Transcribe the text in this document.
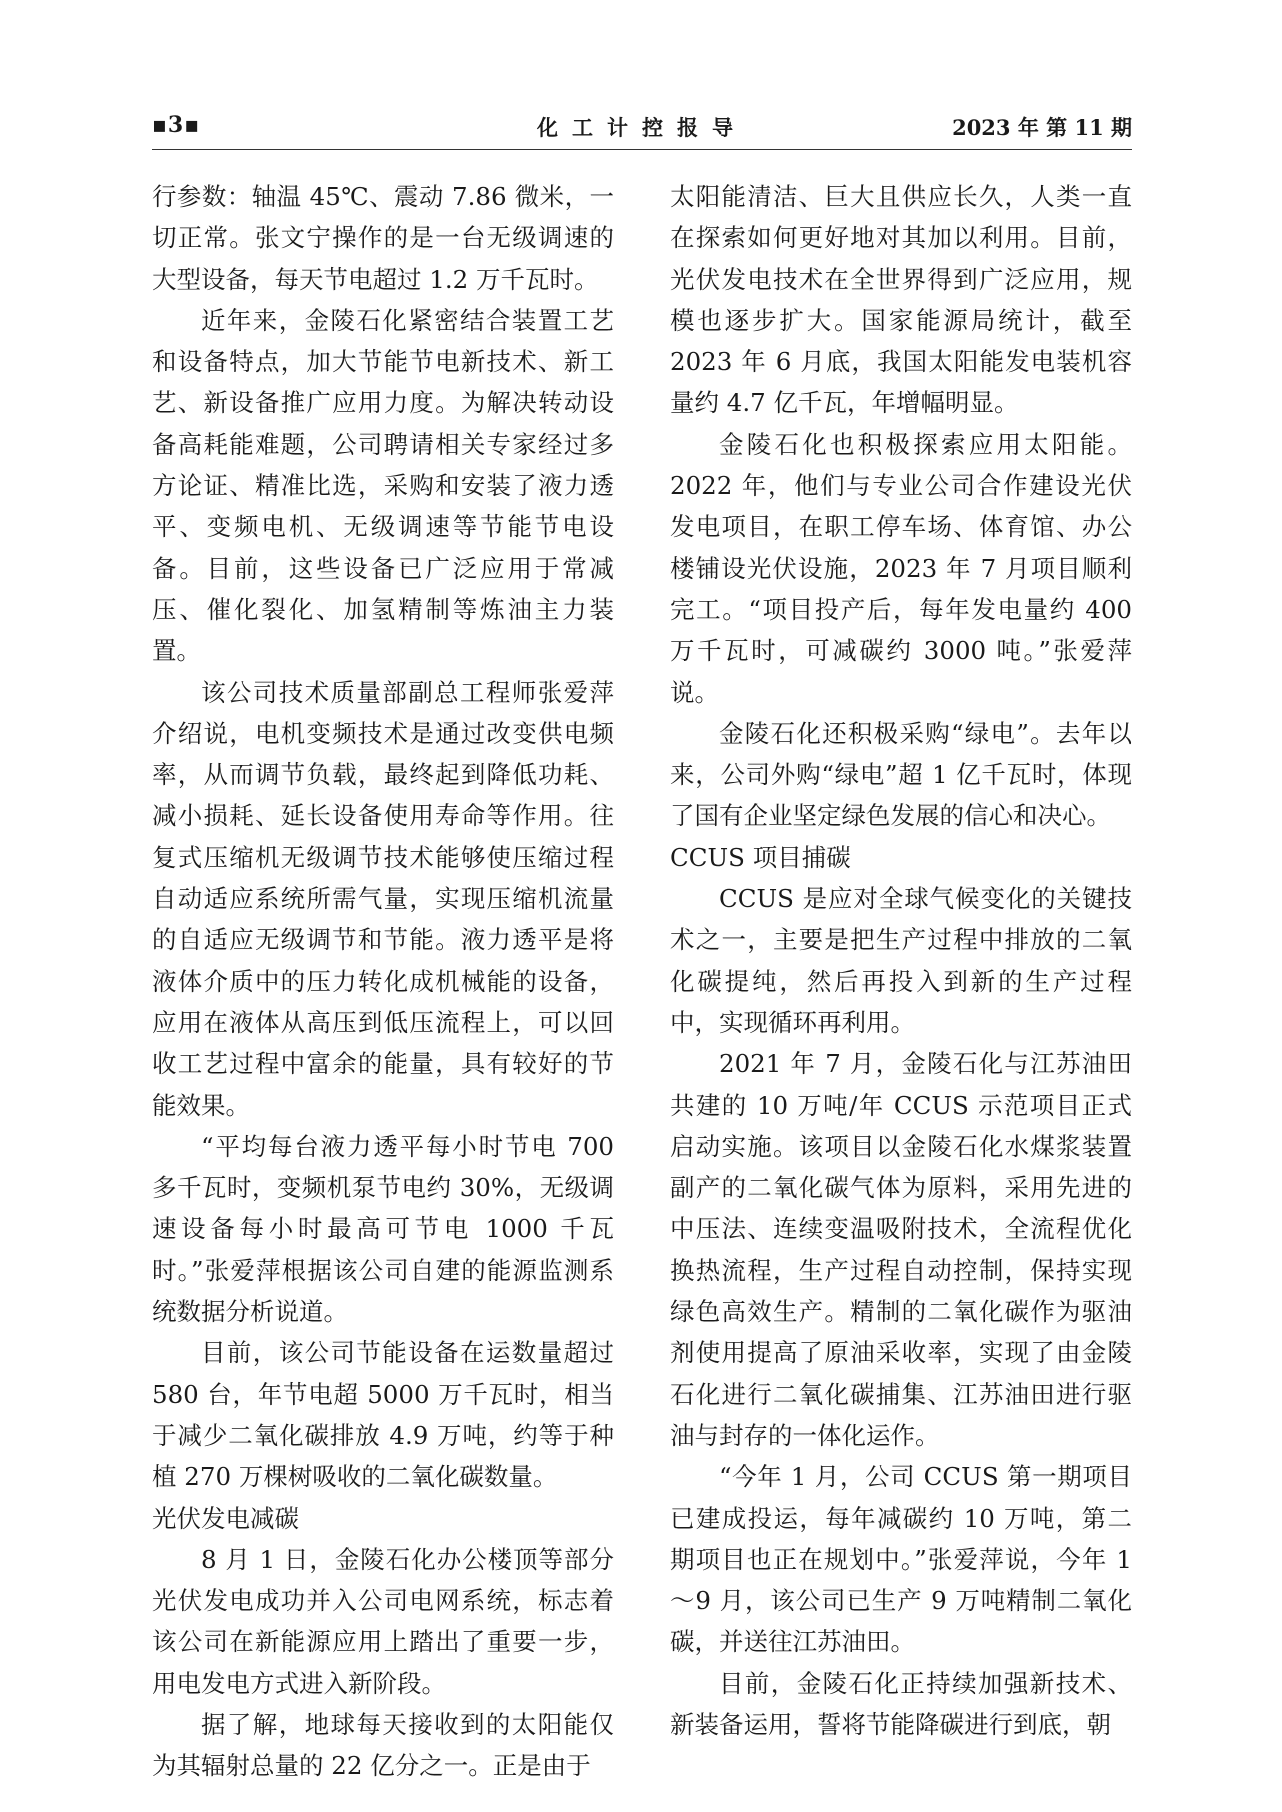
▪3▪	化工计控报导	2023 年 第 11 期

行参数：轴温 45℃、震动 7.86 微米，一切正常。张文宁操作的是一台无级调速的大型设备，每天节电超过 1.2 万千瓦时。

近年来，金陵石化紧密结合装置工艺和设备特点，加大节能节电新技术、新工艺、新设备推广应用力度。为解决转动设备高耗能难题，公司聘请相关专家经过多方论证、精准比选，采购和安装了液力透平、变频电机、无级调速等节能节电设备。目前，这些设备已广泛应用于常减压、催化裂化、加氢精制等炼油主力装置。

该公司技术质量部副总工程师张爱萍介绍说，电机变频技术是通过改变供电频率，从而调节负载，最终起到降低功耗、减小损耗、延长设备使用寿命等作用。往复式压缩机无级调节技术能够使压缩过程自动适应系统所需气量，实现压缩机流量的自适应无级调节和节能。液力透平是将液体介质中的压力转化成机械能的设备，应用在液体从高压到低压流程上，可以回收工艺过程中富余的能量，具有较好的节能效果。

“平均每台液力透平每小时节电 700 多千瓦时，变频机泵节电约 30%，无级调速设备每小时最高可节电 1000 千瓦时。”张爱萍根据该公司自建的能源监测系统数据分析说道。

目前，该公司节能设备在运数量超过 580 台，年节电超 5000 万千瓦时，相当于减少二氧化碳排放 4.9 万吨，约等于种植 270 万棵树吸收的二氧化碳数量。

光伏发电减碳

8 月 1 日，金陵石化办公楼顶等部分光伏发电成功并入公司电网系统，标志着该公司在新能源应用上踏出了重要一步，用电发电方式进入新阶段。

据了解，地球每天接收到的太阳能仅为其辐射总量的 22 亿分之一。正是由于

太阳能清洁、巨大且供应长久，人类一直在探索如何更好地对其加以利用。目前，光伏发电技术在全世界得到广泛应用，规模也逐步扩大。国家能源局统计，截至 2023 年 6 月底，我国太阳能发电装机容量约 4.7 亿千瓦，年增幅明显。

金陵石化也积极探索应用太阳能。2022 年，他们与专业公司合作建设光伏发电项目，在职工停车场、体育馆、办公楼铺设光伏设施，2023 年 7 月项目顺利完工。“项目投产后，每年发电量约 400 万千瓦时，可减碳约 3000 吨。”张爱萍说。

金陵石化还积极采购“绿电”。去年以来，公司外购“绿电”超 1 亿千瓦时，体现了国有企业坚定绿色发展的信心和决心。

CCUS 项目捕碳

CCUS 是应对全球气候变化的关键技术之一，主要是把生产过程中排放的二氧化碳提纯，然后再投入到新的生产过程中，实现循环再利用。

2021 年 7 月，金陵石化与江苏油田共建的 10 万吨/年 CCUS 示范项目正式启动实施。该项目以金陵石化水煤浆装置副产的二氧化碳气体为原料，采用先进的中压法、连续变温吸附技术，全流程优化换热流程，生产过程自动控制，保持实现绿色高效生产。精制的二氧化碳作为驱油剂使用提高了原油采收率，实现了由金陵石化进行二氧化碳捕集、江苏油田进行驱油与封存的一体化运作。

“今年 1 月，公司 CCUS 第一期项目已建成投运，每年减碳约 10 万吨，第二期项目也正在规划中。”张爱萍说，今年 1～9 月，该公司已生产 9 万吨精制二氧化碳，并送往江苏油田。

目前，金陵石化正持续加强新技术、新装备运用，誓将节能降碳进行到底，朝
